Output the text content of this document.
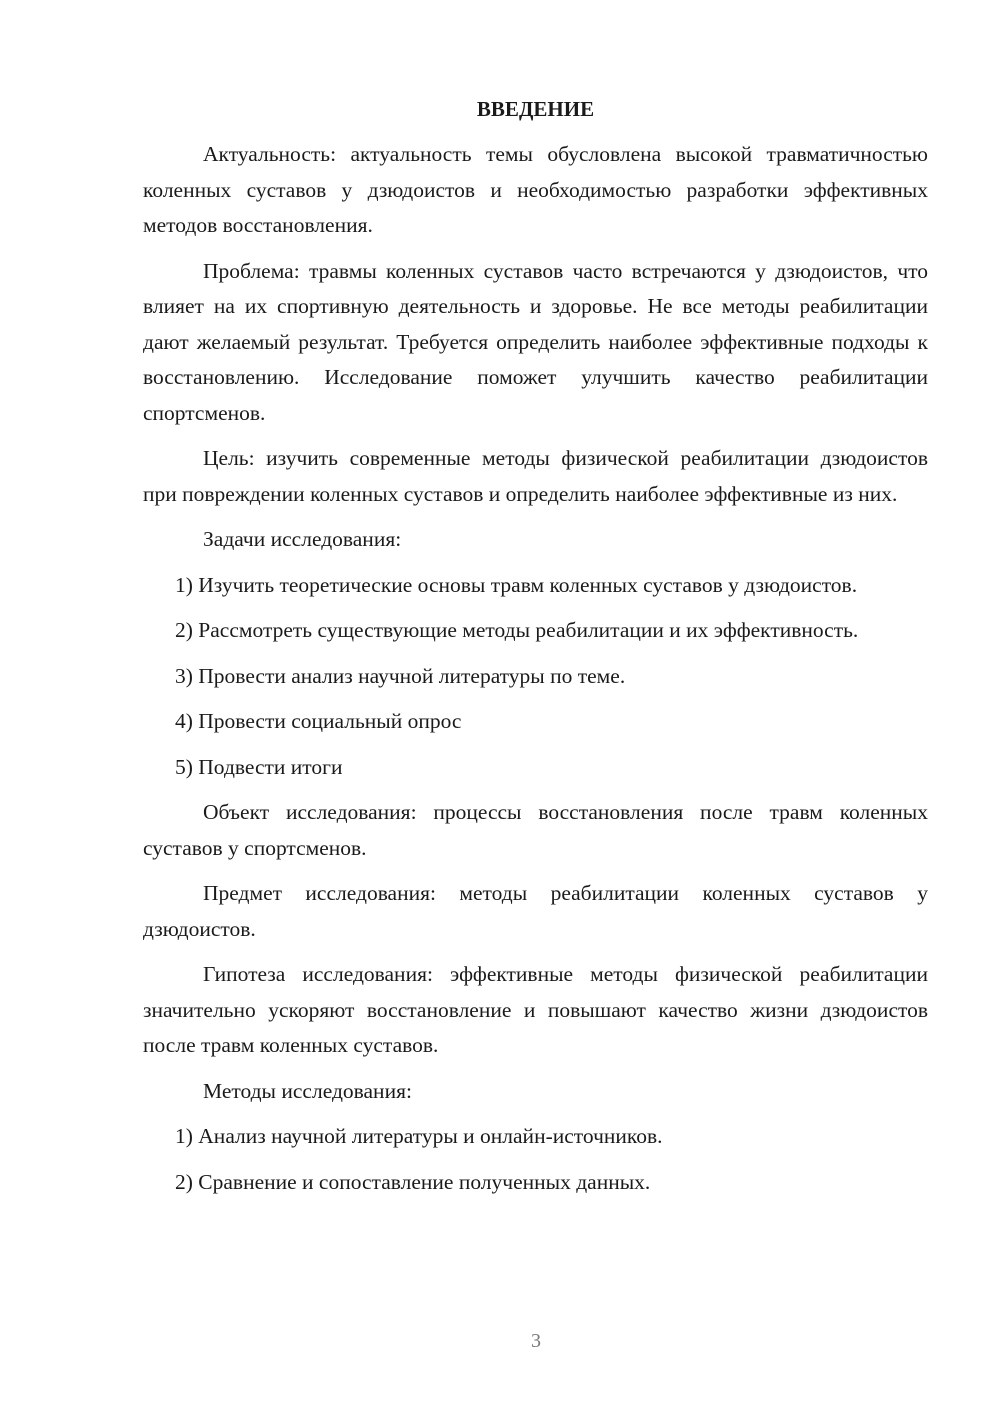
ВВЕДЕНИЕ

Актуальность: актуальность темы обусловлена высокой травматичностью коленных суставов у дзюдоистов и необходимостью разработки эффективных методов восстановления.

Проблема: травмы коленных суставов часто встречаются у дзюдоистов, что влияет на их спортивную деятельность и здоровье. Не все методы реабилитации дают желаемый результат. Требуется определить наиболее эффективные подходы к восстановлению. Исследование поможет улучшить качество реабилитации спортсменов.

Цель: изучить современные методы физической реабилитации дзюдоистов при повреждении коленных суставов и определить наиболее эффективные из них.

Задачи исследования:

1) Изучить теоретические основы травм коленных суставов у дзюдоистов.

2) Рассмотреть существующие методы реабилитации и их эффективность.

3) Провести анализ научной литературы по теме.

4) Провести социальный опрос

5) Подвести итоги

Объект исследования: процессы восстановления после травм коленных суставов у спортсменов.

Предмет исследования: методы реабилитации коленных суставов у дзюдоистов.

Гипотеза исследования: эффективные методы физической реабилитации значительно ускоряют восстановление и повышают качество жизни дзюдоистов после травм коленных суставов.

Методы исследования:

1) Анализ научной литературы и онлайн-источников.

2) Сравнение и сопоставление полученных данных.

3
